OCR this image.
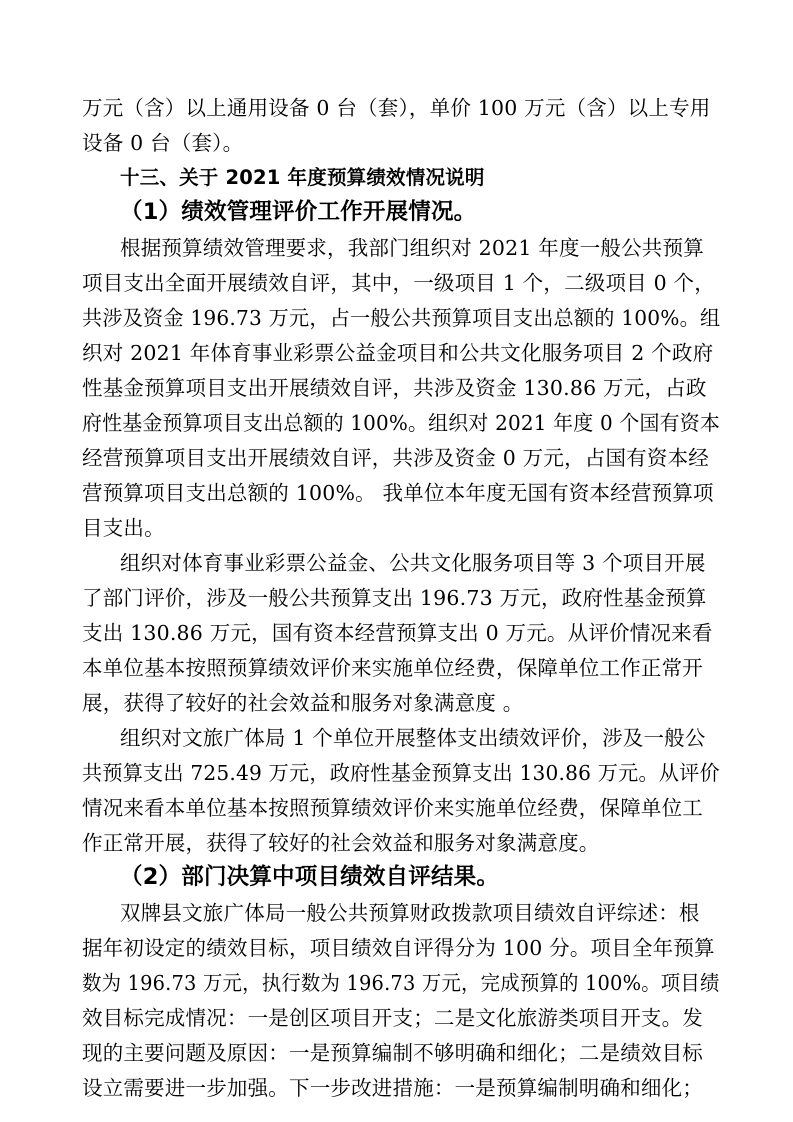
万元（含）以上通用设备 0 台（套），单价 100 万元（含）以上专用
设备 0 台（套）。
十三、关于 2021 年度预算绩效情况说明
（1）绩效管理评价工作开展情况。
根据预算绩效管理要求，我部门组织对 2021 年度一般公共预算
项目支出全面开展绩效自评，其中，一级项目 1 个，二级项目 0 个，
共涉及资金 196.73 万元，占一般公共预算项目支出总额的 100%。组
织对 2021 年体育事业彩票公益金项目和公共文化服务项目 2 个政府
性基金预算项目支出开展绩效自评，共涉及资金 130.86 万元，占政
府性基金预算项目支出总额的 100%。组织对 2021 年度 0 个国有资本
经营预算项目支出开展绩效自评，共涉及资金 0 万元，占国有资本经
营预算项目支出总额的 100%。 我单位本年度无国有资本经营预算项
目支出。
组织对体育事业彩票公益金、公共文化服务项目等 3 个项目开展
了部门评价，涉及一般公共预算支出 196.73 万元，政府性基金预算
支出 130.86 万元，国有资本经营预算支出 0 万元。从评价情况来看
本单位基本按照预算绩效评价来实施单位经费，保障单位工作正常开
展，获得了较好的社会效益和服务对象满意度 。
组织对文旅广体局 1 个单位开展整体支出绩效评价，涉及一般公
共预算支出 725.49 万元，政府性基金预算支出 130.86 万元。从评价
情况来看本单位基本按照预算绩效评价来实施单位经费，保障单位工
作正常开展，获得了较好的社会效益和服务对象满意度。
（2）部门决算中项目绩效自评结果。
双牌县文旅广体局一般公共预算财政拨款项目绩效自评综述：根
据年初设定的绩效目标，项目绩效自评得分为 100 分。项目全年预算
数为 196.73 万元，执行数为 196.73 万元，完成预算的 100%。项目绩
效目标完成情况：一是创区项目开支；二是文化旅游类项目开支。发
现的主要问题及原因：一是预算编制不够明确和细化；二是绩效目标
设立需要进一步加强。下一步改进措施：一是预算编制明确和细化；
